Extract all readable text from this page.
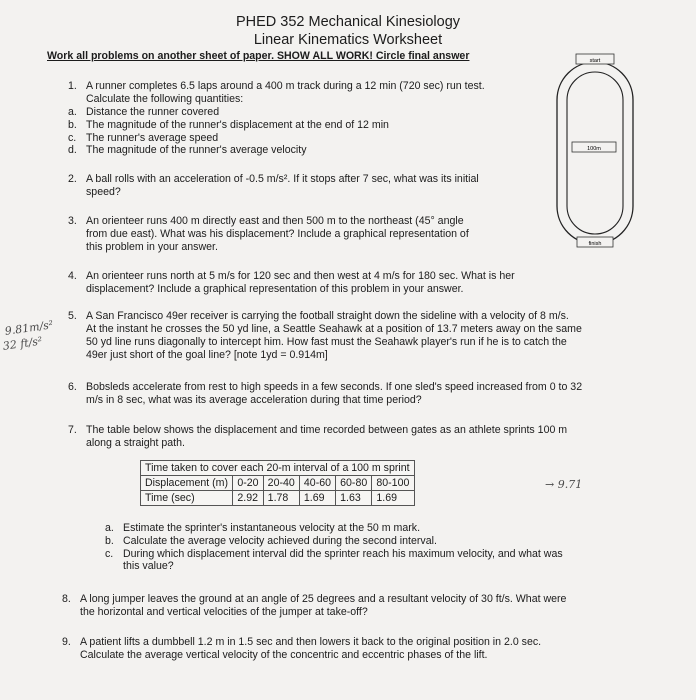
PHED 352 Mechanical Kinesiology
Linear Kinematics Worksheet
Work all problems on another sheet of paper. SHOW ALL WORK! Circle final answer	start
100m
finish
1. A runner completes 6.5 laps around a 400 m track during a 12 min (720 sec) run test.
Calculate the following quantities:
a. Distance the runner covered
b. The magnitude of the runner's displacement at the end of 12 min
c. The runner's average speed
d. The magnitude of the runner's average velocity
2. A ball rolls with an acceleration of -0.5 m/s². If it stops after 7 sec, what was its initial
speed?
3. An orienteer runs 400 m directly east and then 500 m to the northeast (45° angle
from due east). What was his displacement? Include a graphical representation of
this problem in your answer.
4. An orienteer runs north at 5 m/s for 120 sec and then west at 4 m/s for 180 sec. What is her
displacement? Include a graphical representation of this problem in your answer.
9.81m/s²
32 ft/s²
5. A San Francisco 49er receiver is carrying the football straight down the sideline with a velocity of 8 m/s.
At the instant he crosses the 50 yd line, a Seattle Seahawk at a position of 13.7 meters away on the same
50 yd line runs diagonally to intercept him. How fast must the Seahawk player's run if he is to catch the
49er just short of the goal line? [note 1yd = 0.914m]
6. Bobsleds accelerate from rest to high speeds in a few seconds. If one sled's speed increased from 0 to 32
m/s in 8 sec, what was its average acceleration during that time period?
7. The table below shows the displacement and time recorded between gates as an athlete sprints 100 m
along a straight path.
Time taken to cover each 20-m interval of a 100 m sprint					
Displacement (m)	0-20	20-40	40-60	60-80	80-100
Time (sec)	2.92	1.78	1.69	1.63	1.69
→ 9.71
a. Estimate the sprinter's instantaneous velocity at the 50 m mark.
b. Calculate the average velocity achieved during the second interval.
c. During which displacement interval did the sprinter reach his maximum velocity, and what was
this value?
8. A long jumper leaves the ground at an angle of 25 degrees and a resultant velocity of 30 ft/s. What were
the horizontal and vertical velocities of the jumper at take-off?
9. A patient lifts a dumbbell 1.2 m in 1.5 sec and then lowers it back to the original position in 2.0 sec.
Calculate the average vertical velocity of the concentric and eccentric phases of the lift.
